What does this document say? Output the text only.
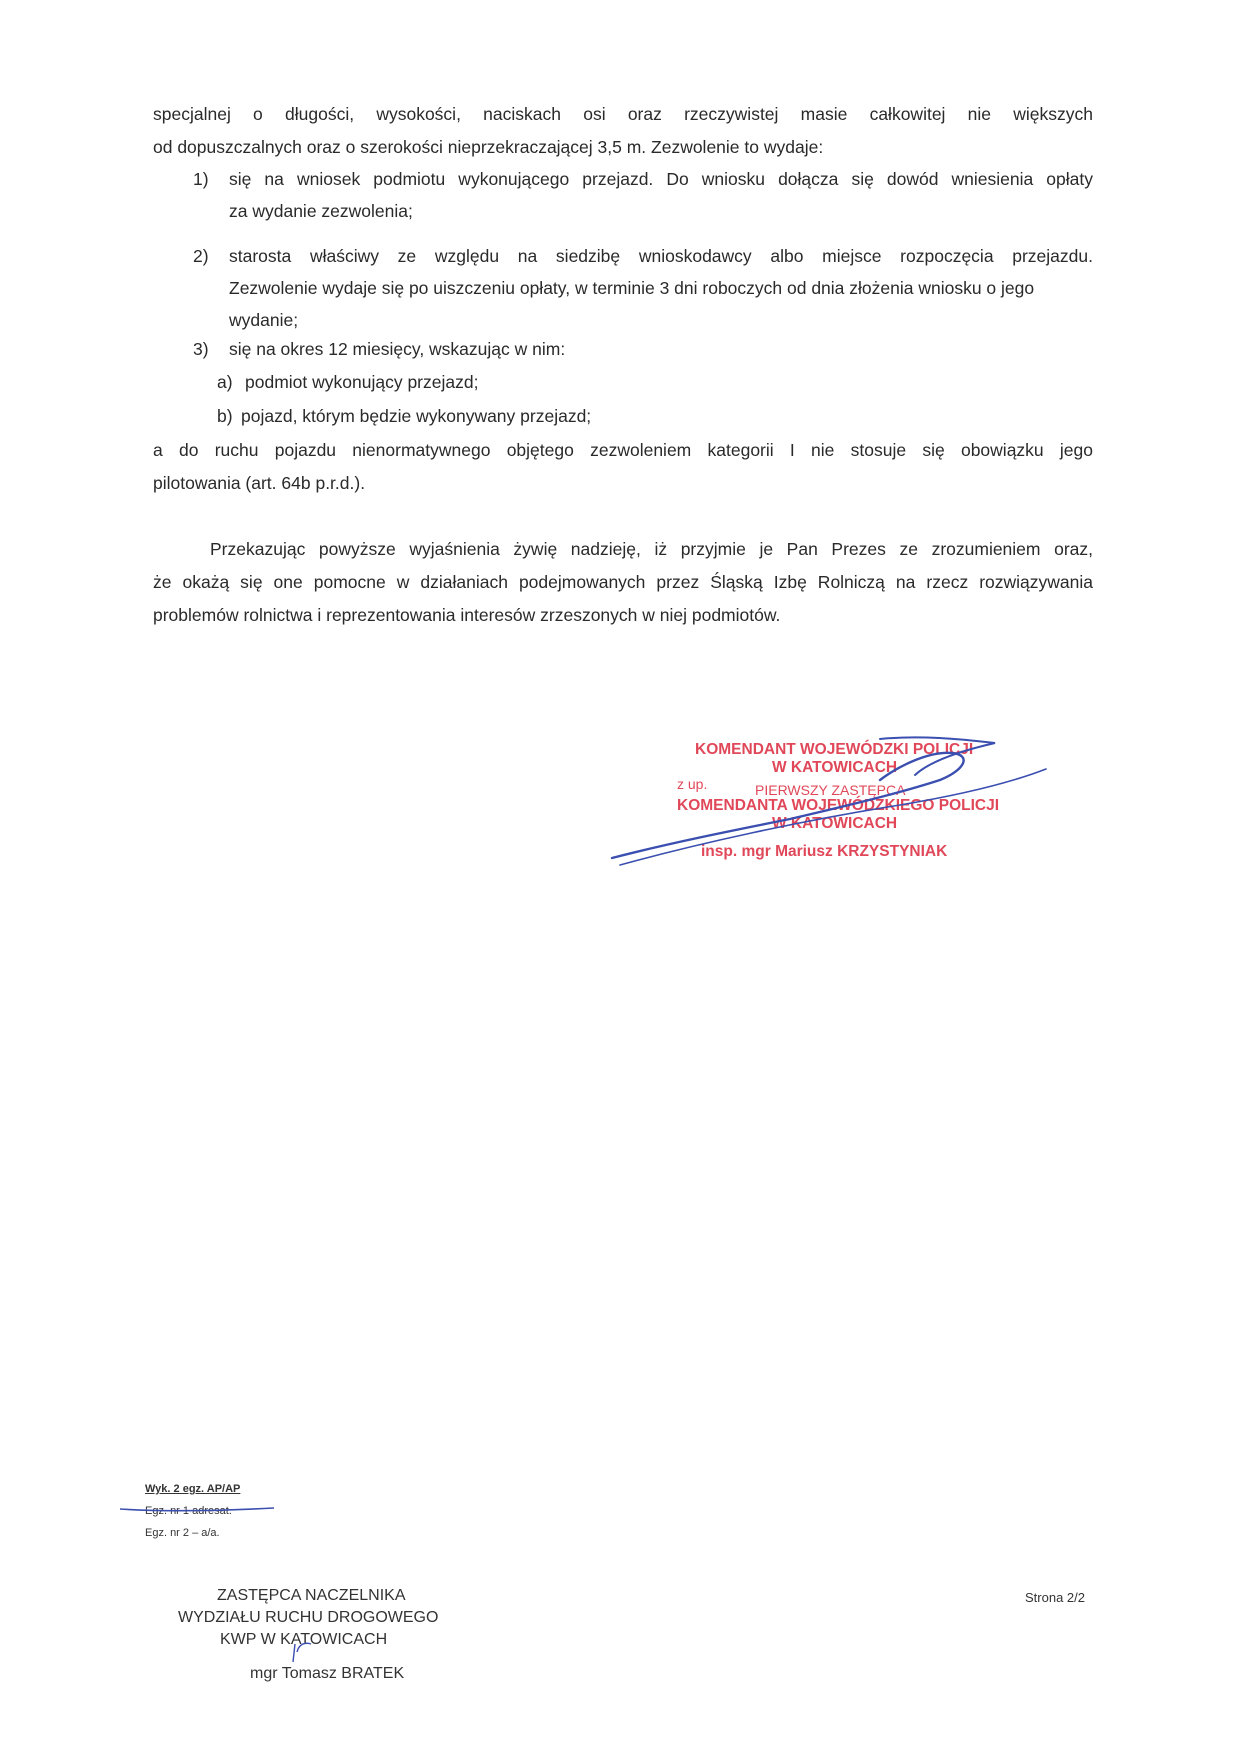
specjalnej o długości, wysokości, naciskach osi oraz rzeczywistej masie całkowitej nie większych
od dopuszczalnych oraz o szerokości nieprzekraczającej 3,5 m. Zezwolenie to wydaje:
1) się na wniosek podmiotu wykonującego przejazd. Do wniosku dołącza się dowód wniesienia opłaty
za wydanie zezwolenia;
2) starosta właściwy ze względu na siedzibę wnioskodawcy albo miejsce rozpoczęcia przejazdu.
Zezwolenie wydaje się po uiszczeniu opłaty, w terminie 3 dni roboczych od dnia złożenia wniosku o jego
wydanie;
3) się na okres 12 miesięcy, wskazując w nim:
a) podmiot wykonujący przejazd;
b) pojazd, którym będzie wykonywany przejazd;
a do ruchu pojazdu nienormatywnego objętego zezwoleniem kategorii I nie stosuje się obowiązku jego
pilotowania (art. 64b p.r.d.).
Przekazując powyższe wyjaśnienia żywię nadzieję, iż przyjmie je Pan Prezes ze zrozumieniem oraz,
że okażą się one pomocne w działaniach podejmowanych przez Śląską Izbę Rolniczą na rzecz rozwiązywania
problemów rolnictwa i reprezentowania interesów zrzeszonych w niej podmiotów.
KOMENDANT WOJEWÓDZKI POLICJI
W KATOWICACH
z up.	PIERWSZY ZASTĘPCA
KOMENDANTA WOJEWÓDZKIEGO POLICJI
W KATOWICACH
insp. mgr Mariusz KRZYSTYNIAK
Wyk. 2 egz. AP/AP
Egz. nr 1 adresat.
Egz. nr 2 – a/a.
ZASTĘPCA NACZELNIKA
WYDZIAŁU RUCHU DROGOWEGO
KWP W KATOWICACH
mgr Tomasz BRATEK
Strona 2/2
